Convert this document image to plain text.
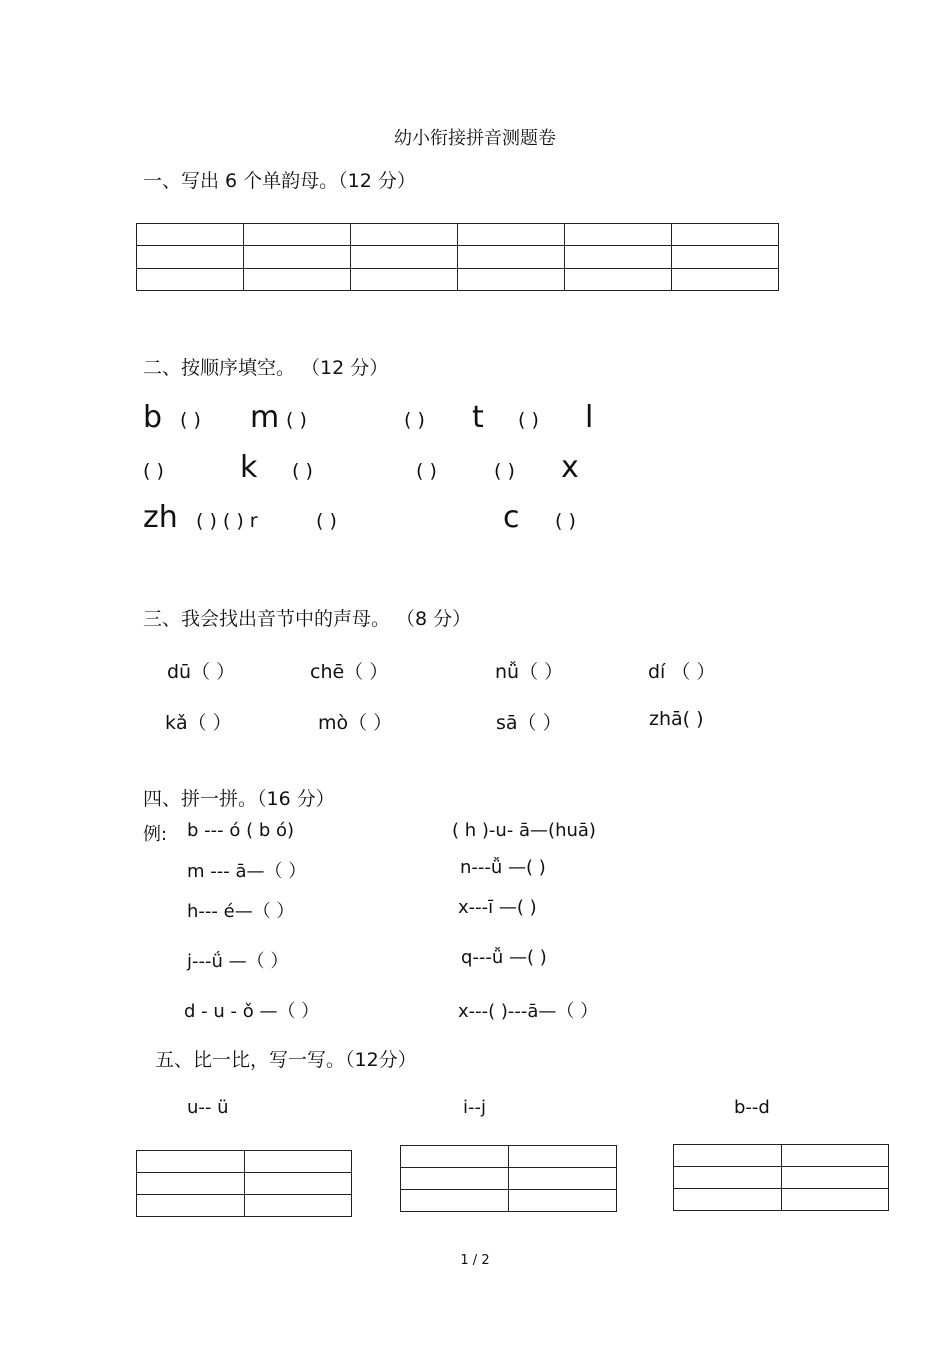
幼小衔接拼音测题卷
一、写出 6 个单韵母。（12 分）

二、按顺序填空。 （12 分）
b ( ) m ( )	( ) t ( ) l
( )	k ( )	( )	( ) x
zh ( ) ( ) r	( )	c ( )
三、我会找出音节中的声母。 （8 分）
dū（ ）	chē（ ）	nǚ（ ）	dí （ ）
kǎ（ ）	mò（ ）	sā（ ）	zhā( )
四、拼一拼。（16 分）
例: b --- ó ( b ó)	( h )-u- ā—(huā)
m --- ā—（ ）	n---ǚ —( )
h--- é—（ ）	x---ī —( )
j---ǘ —（ ）	q---ǚ —( )
d - u - ǒ —（ ）	x---( )---ā—（ ）
五、比一比，写一写。（12分）
u-- ü	i--j	b--d

1 / 2
